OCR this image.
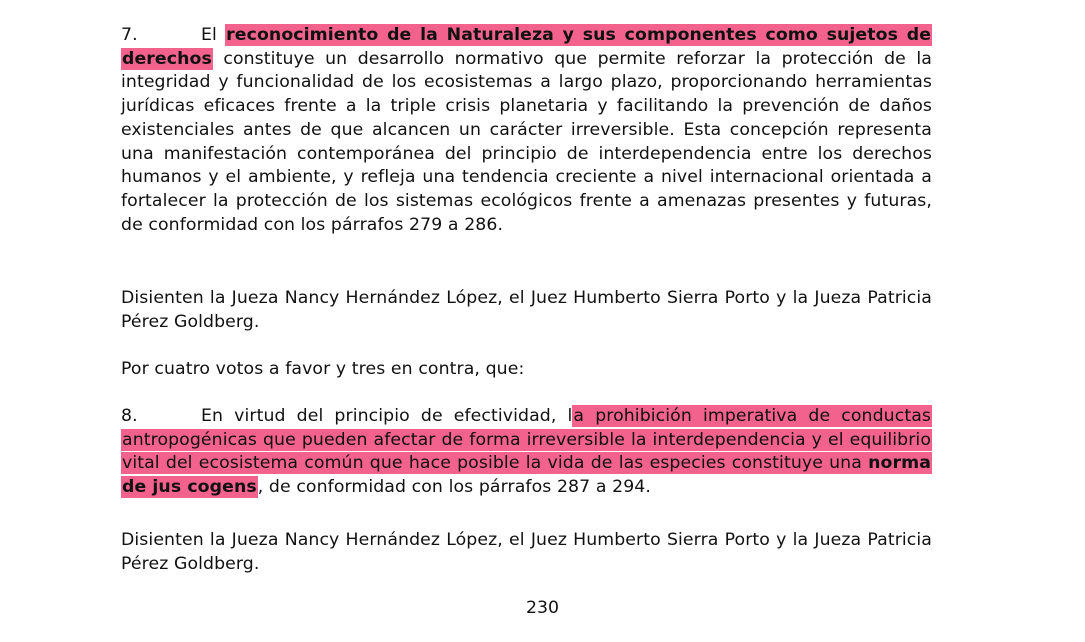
7.	El reconocimiento de la Naturaleza y sus componentes como sujetos de derechos constituye un desarrollo normativo que permite reforzar la protección de la integridad y funcionalidad de los ecosistemas a largo plazo, proporcionando herramientas jurídicas eficaces frente a la triple crisis planetaria y facilitando la prevención de daños existenciales antes de que alcancen un carácter irreversible. Esta concepción representa una manifestación contemporánea del principio de interdependencia entre los derechos humanos y el ambiente, y refleja una tendencia creciente a nivel internacional orientada a fortalecer la protección de los sistemas ecológicos frente a amenazas presentes y futuras, de conformidad con los párrafos 279 a 286.

Disienten la Jueza Nancy Hernández López, el Juez Humberto Sierra Porto y la Jueza Patricia Pérez Goldberg.

Por cuatro votos a favor y tres en contra, que:

8.	En virtud del principio de efectividad, la prohibición imperativa de conductas antropogénicas que pueden afectar de forma irreversible la interdependencia y el equilibrio vital del ecosistema común que hace posible la vida de las especies constituye una norma de jus cogens, de conformidad con los párrafos 287 a 294.

Disienten la Jueza Nancy Hernández López, el Juez Humberto Sierra Porto y la Jueza Patricia Pérez Goldberg.

230
